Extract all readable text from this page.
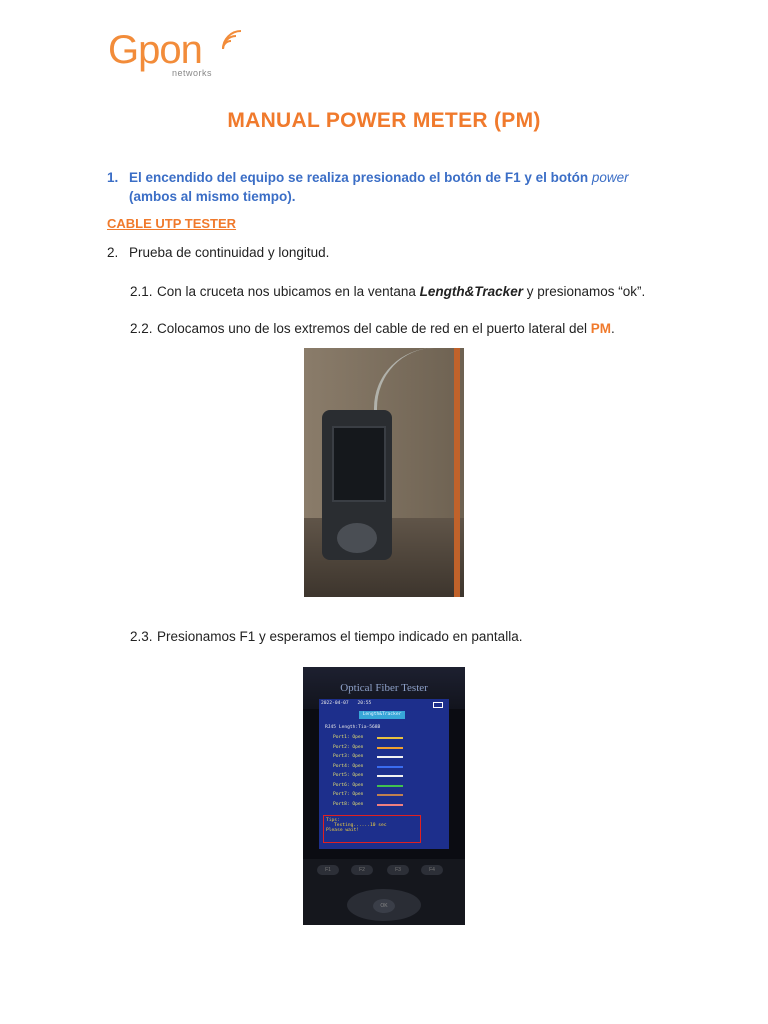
Gpon
networks
MANUAL POWER METER (PM)
1. El encendido del equipo se realiza presionado el botón de F1 y el botón power (ambos al mismo tiempo).
CABLE UTP TESTER
2. Prueba de continuidad y longitud.
2.1. Con la cruceta nos ubicamos en la ventana Length&Tracker y presionamos “ok”.
2.2. Colocamos uno de los extremos del cable de red en el puerto lateral del PM.
2.3. Presionamos F1 y esperamos el tiempo indicado en pantalla.
Optical Fiber Tester
2022-04-07 20:55
Length&Tracker
RJ45 Length:Tia-568B
Port1: Open
Port2: Open
Port3: Open
Port4: Open
Port5: Open
Port6: Open
Port7: Open
Port8: Open
Tips:
Testing......10 sec
Please wait!
F1	F2	F3	F4
OK
